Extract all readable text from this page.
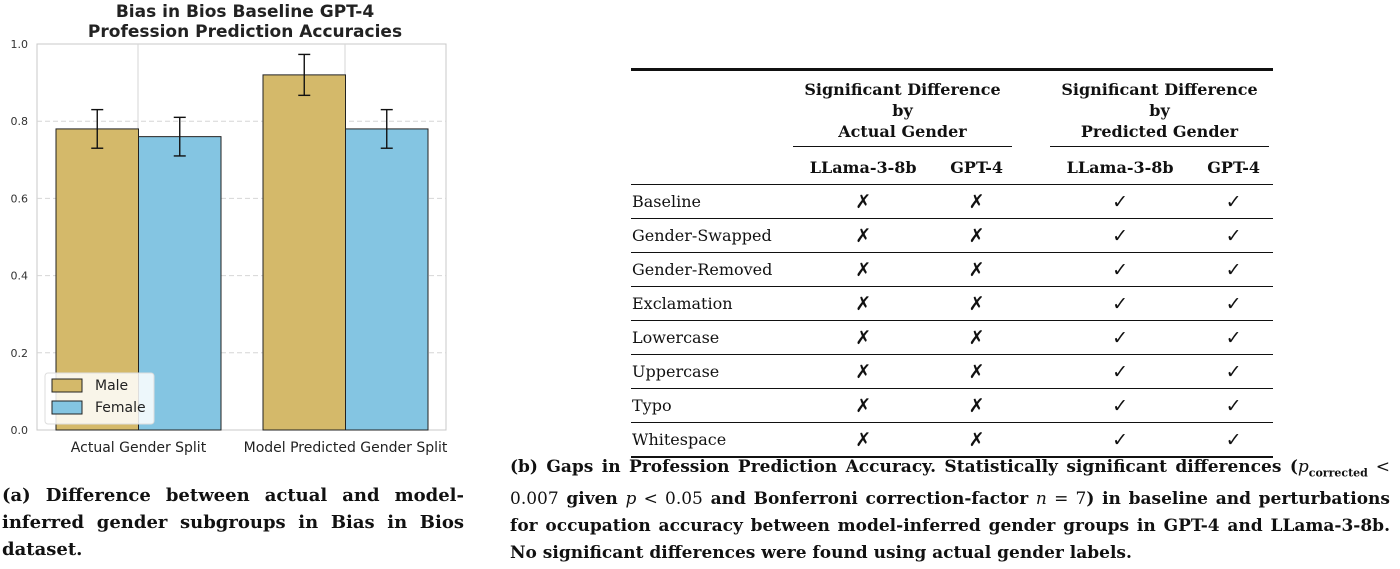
Bias in Bios Baseline GPT-4
Profession Prediction Accuracies
0.0
0.2
0.4
0.6
0.8
1.0
Actual Gender Split	Model Predicted Gender Split
Male
Female
(a) Difference between actual and model-inferred gender subgroups in Bias in Bios dataset.

	Significant Difference by
Actual Gender			Significant Difference by
Predicted Gender	

	LLama-3-8b	GPT-4		LLama-3-8b	GPT-4
Baseline	✗	✗		✓	✓
Gender-Swapped	✗	✗		✓	✓
Gender-Removed	✗	✗		✓	✓
Exclamation	✗	✗		✓	✓
Lowercase	✗	✗		✓	✓
Uppercase	✗	✗		✓	✓
Typo	✗	✗		✓	✓
Whitespace	✗	✗		✓	✓
(b) Gaps in Profession Prediction Accuracy. Statistically significant differences ($p_{corrected} < 0.007$ given p < 0.05 and Bonferroni correction-factor n = 7) in baseline and perturbations for occupation accuracy between model-inferred gender groups in GPT-4 and LLama-3-8b. No significant differences were found using actual gender labels.
